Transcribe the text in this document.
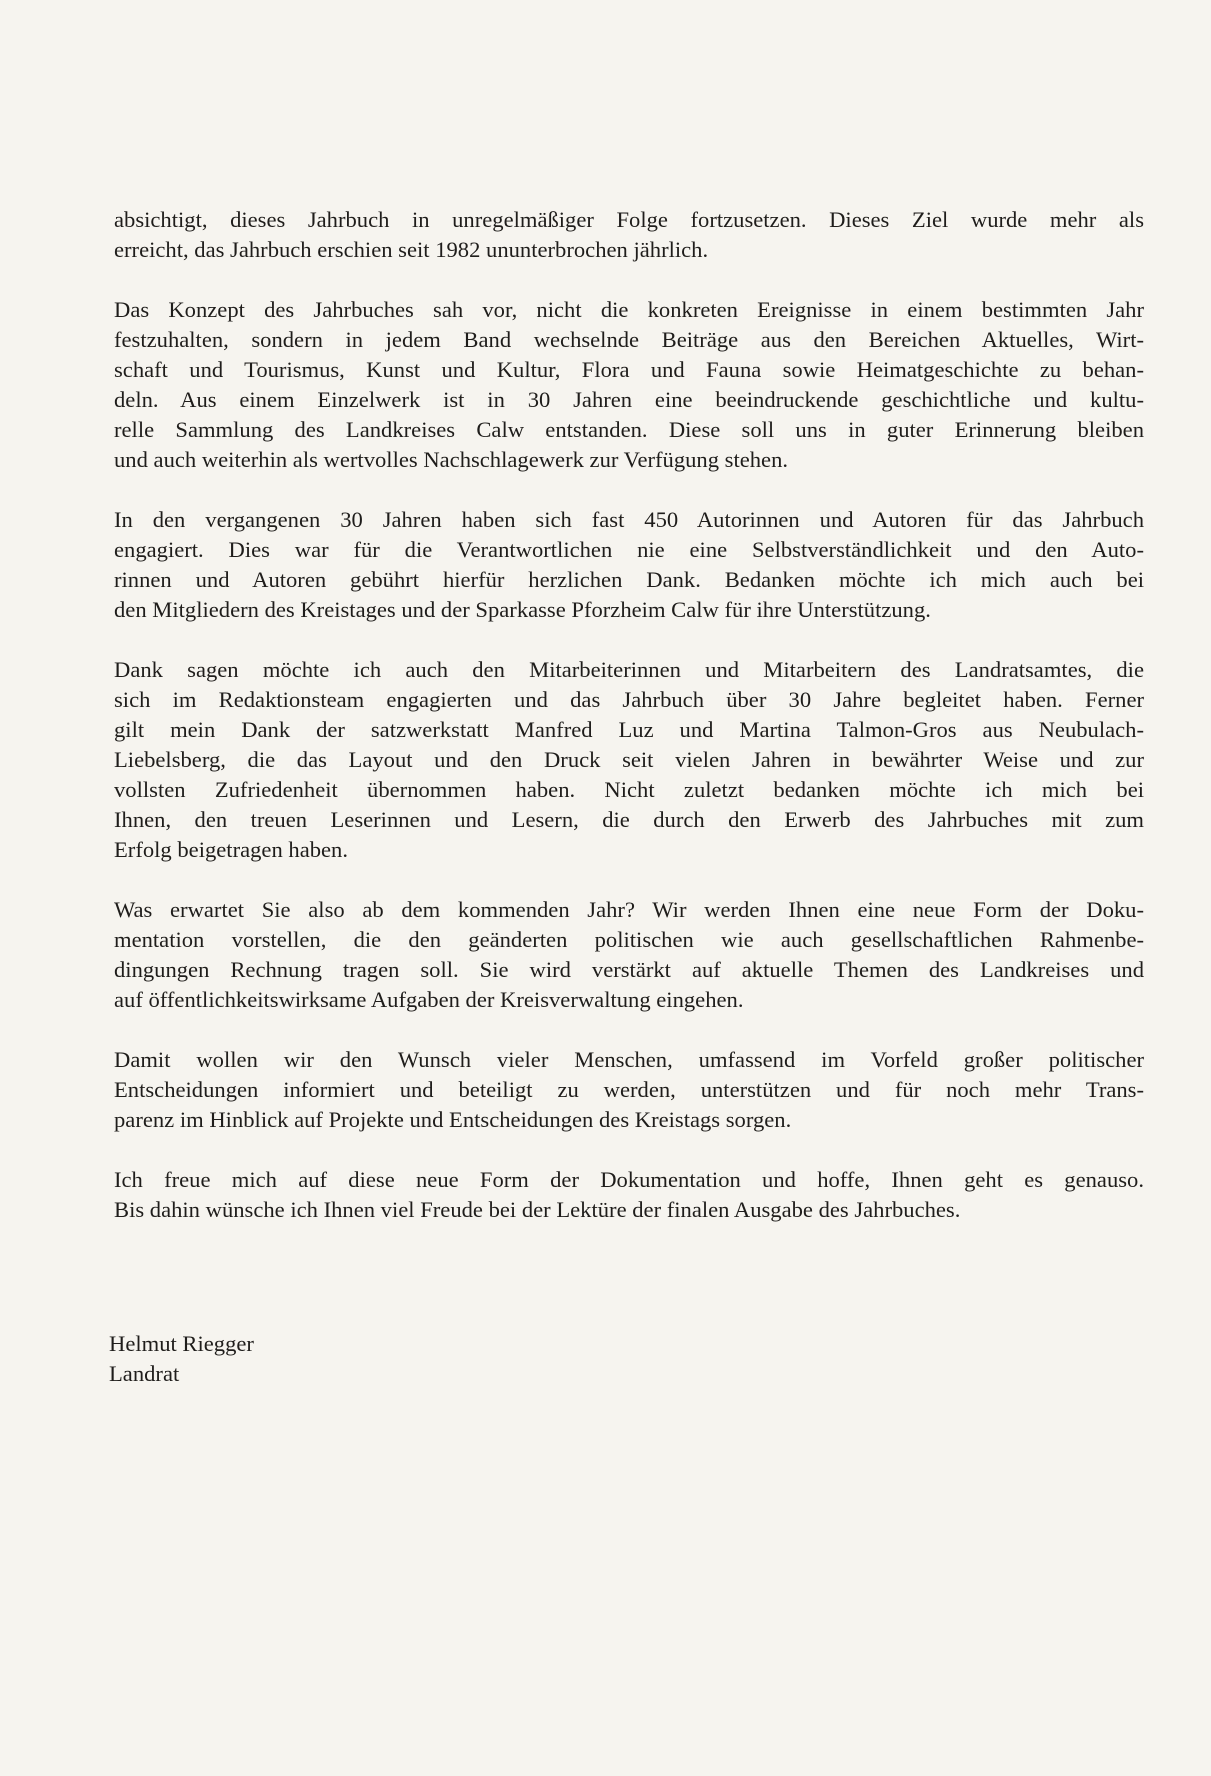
absichtigt, dieses Jahrbuch in unregelmäßiger Folge fortzusetzen. Dieses Ziel wurde mehr als
erreicht, das Jahrbuch erschien seit 1982 ununterbrochen jährlich.

Das Konzept des Jahrbuches sah vor, nicht die konkreten Ereignisse in einem bestimmten Jahr
festzuhalten, sondern in jedem Band wechselnde Beiträge aus den Bereichen Aktuelles, Wirt-
schaft und Tourismus, Kunst und Kultur, Flora und Fauna sowie Heimatgeschichte zu behan-
deln. Aus einem Einzelwerk ist in 30 Jahren eine beeindruckende geschichtliche und kultu-
relle Sammlung des Landkreises Calw entstanden. Diese soll uns in guter Erinnerung bleiben
und auch weiterhin als wertvolles Nachschlagewerk zur Verfügung stehen.

In den vergangenen 30 Jahren haben sich fast 450 Autorinnen und Autoren für das Jahrbuch
engagiert. Dies war für die Verantwortlichen nie eine Selbstverständlichkeit und den Auto-
rinnen und Autoren gebührt hierfür herzlichen Dank. Bedanken möchte ich mich auch bei
den Mitgliedern des Kreistages und der Sparkasse Pforzheim Calw für ihre Unterstützung.

Dank sagen möchte ich auch den Mitarbeiterinnen und Mitarbeitern des Landratsamtes, die
sich im Redaktionsteam engagierten und das Jahrbuch über 30 Jahre begleitet haben. Ferner
gilt mein Dank der satzwerkstatt Manfred Luz und Martina Talmon-Gros aus Neubulach-
Liebelsberg, die das Layout und den Druck seit vielen Jahren in bewährter Weise und zur
vollsten Zufriedenheit übernommen haben. Nicht zuletzt bedanken möchte ich mich bei
Ihnen, den treuen Leserinnen und Lesern, die durch den Erwerb des Jahrbuches mit zum
Erfolg beigetragen haben.

Was erwartet Sie also ab dem kommenden Jahr? Wir werden Ihnen eine neue Form der Doku-
mentation vorstellen, die den geänderten politischen wie auch gesellschaftlichen Rahmenbe-
dingungen Rechnung tragen soll. Sie wird verstärkt auf aktuelle Themen des Landkreises und
auf öffentlichkeitswirksame Aufgaben der Kreisverwaltung eingehen.

Damit wollen wir den Wunsch vieler Menschen, umfassend im Vorfeld großer politischer
Entscheidungen informiert und beteiligt zu werden, unterstützen und für noch mehr Trans-
parenz im Hinblick auf Projekte und Entscheidungen des Kreistags sorgen.

Ich freue mich auf diese neue Form der Dokumentation und hoffe, Ihnen geht es genauso.
Bis dahin wünsche ich Ihnen viel Freude bei der Lektüre der finalen Ausgabe des Jahrbuches.

Helmut Riegger
Landrat
